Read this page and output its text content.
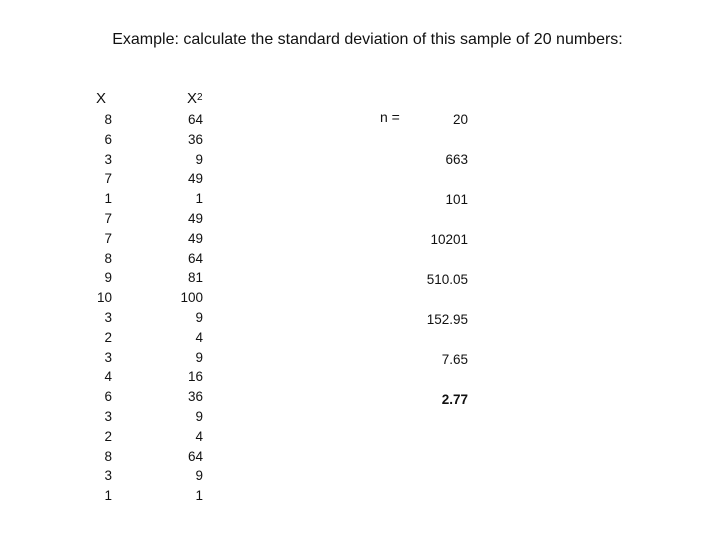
Example: calculate the standard deviation of this sample of 20 numbers:
X	$X^2$
8
6
3
7
1
7
7
8
9
10
3
2
3
4
6
3
2
8
3
1
64
36
9
49
1
49
49
64
81
100
9
4
9
16
36
9
4
64
9
1
n =	20
663
101
10201
510.05
152.95
7.65
2.77
